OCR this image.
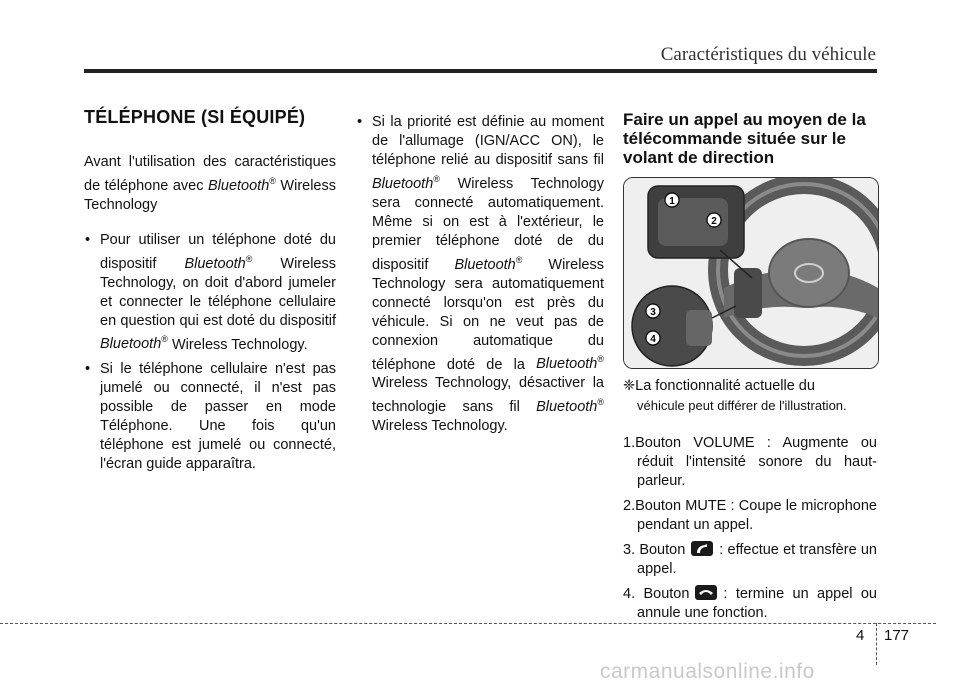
Caractéristiques du véhicule
TÉLÉPHONE (SI ÉQUIPÉ)

Avant l'utilisation des caractéristiques de téléphone avec Bluetooth® Wireless Technology

• Pour utiliser un téléphone doté du dispositif Bluetooth® Wireless Technology, on doit d'abord jumeler et connecter le téléphone cellulaire en question qui est doté du dispositif Bluetooth® Wireless Technology.
• Si le téléphone cellulaire n'est pas jumelé ou connecté, il n'est pas possible de passer en mode Téléphone. Une fois qu'un téléphone est jumelé ou connecté, l'écran guide apparaîtra.
• Si la priorité est définie au moment de l'allumage (IGN/ACC ON), le téléphone relié au dispositif sans fil Bluetooth® Wireless Technology sera connecté automatiquement. Même si on est à l'extérieur, le premier téléphone doté de du dispositif Bluetooth® Wireless Technology sera automatiquement connecté lorsqu'on est près du véhicule. Si on ne veut pas de connexion automatique du téléphone doté de la Bluetooth® Wireless Technology, désactiver la technologie sans fil Bluetooth® Wireless Technology.
Faire un appel au moyen de la télécommande située sur le volant de direction
1
2
3
4

❈La fonctionnalité actuelle du
véhicule peut différer de l'illustration.

1.Bouton VOLUME : Augmente ou réduit l'intensité sonore du haut-parleur.
2.Bouton MUTE : Coupe le microphone pendant un appel.
3. Bouton : effectue et transfère un appel.
4. Bouton : termine un appel ou annule une fonction.
4 177
carmanualsonline.info
